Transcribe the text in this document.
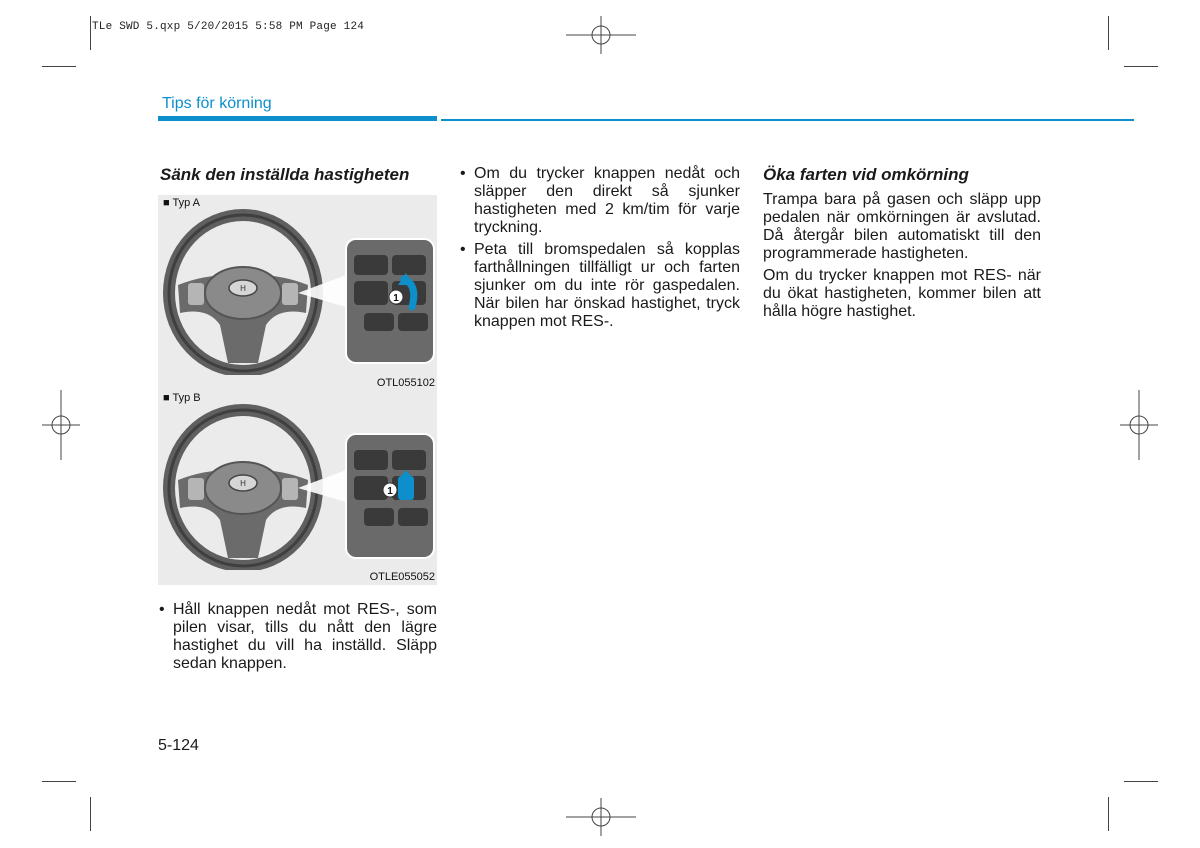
TLe SWD 5.qxp 5/20/2015 5:58 PM Page 124
Tips för körning
Sänk den inställda hastigheten
■ Typ A
H
1
OTL055102
■ Typ B
H
1
OTLE055052
• Håll knappen nedåt mot RES-, som pilen visar, tills du nått den lägre hastighet du vill ha inställd. Släpp sedan knappen.
• Om du trycker knappen nedåt och släpper den direkt så sjunker hastigheten med 2 km/tim för varje tryckning.
• Peta till bromspedalen så kopplas farthållningen tillfälligt ur och farten sjunker om du inte rör gaspedalen. När bilen har önskad hastighet, tryck knappen mot RES-.
Öka farten vid omkörning

Trampa bara på gasen och släpp upp pedalen när omkörningen är avslutad. Då återgår bilen automatiskt till den programmerade hastigheten.

Om du trycker knappen mot RES- när du ökat hastigheten, kommer bilen att hålla högre hastighet.

5-124
